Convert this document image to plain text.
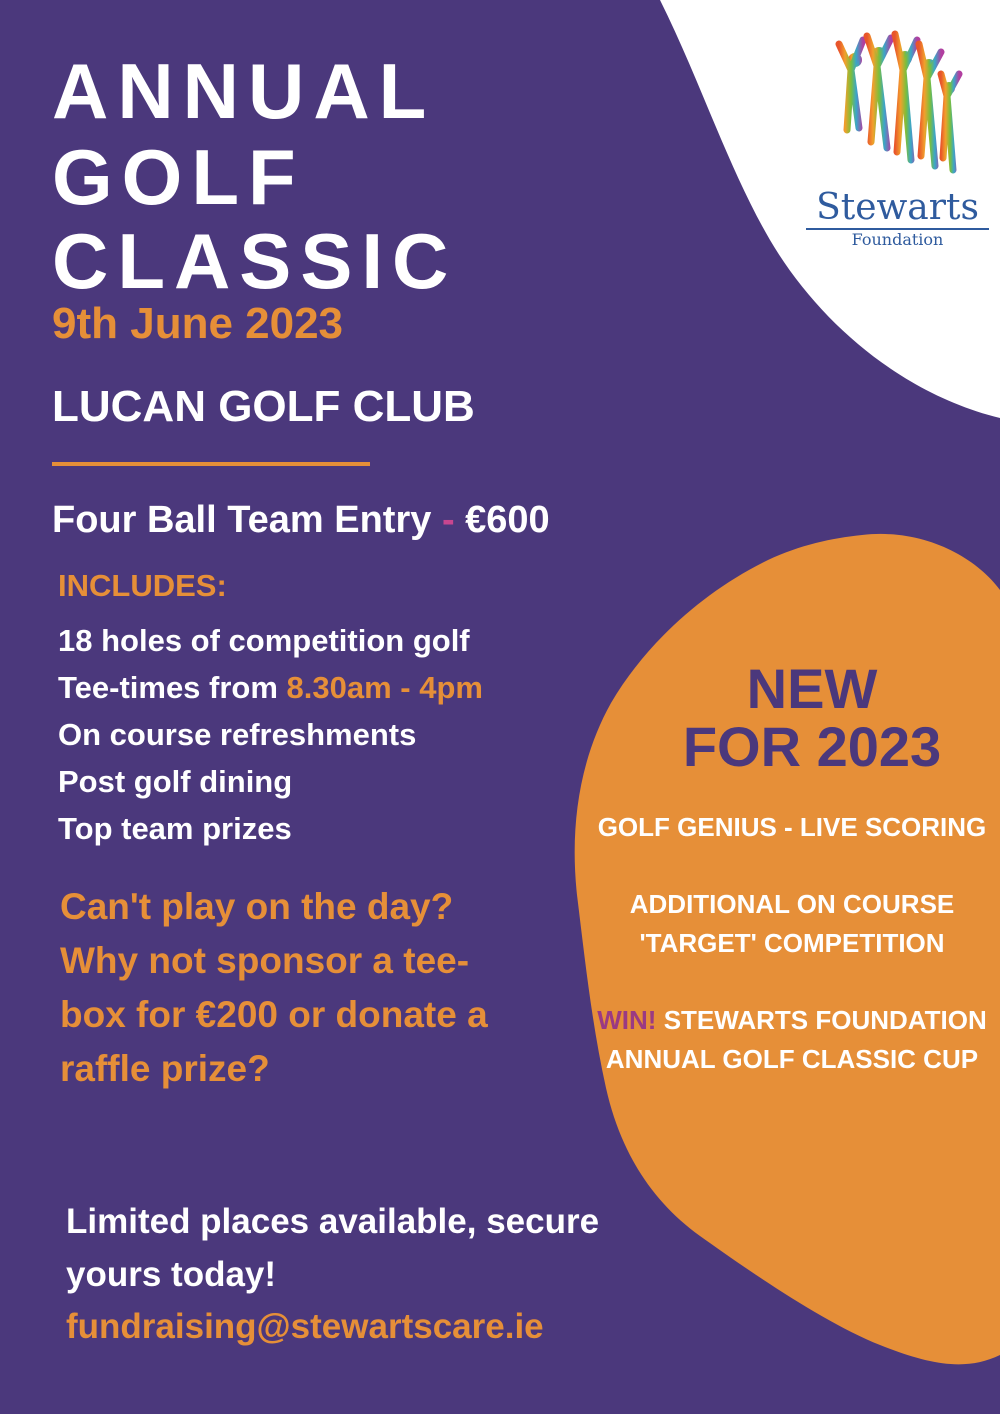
ANNUAL
GOLF
CLASSIC
9th June 2023
LUCAN GOLF CLUB
Four Ball Team Entry - €600
INCLUDES:
18 holes of competition golf
Tee-times from 8.30am - 4pm
On course refreshments
Post golf dining
Top team prizes

Can't play on the day? Why not sponsor a tee-box for €200 or donate a raffle prize?

Limited places available, secure yours today!

fundraising@stewartscare.ie
NEW
FOR 2023
GOLF GENIUS - LIVE SCORING
ADDITIONAL ON COURSE 'TARGET' COMPETITION
WIN! STEWARTS FOUNDATION ANNUAL GOLF CLASSIC CUP
Stewarts
Foundation
